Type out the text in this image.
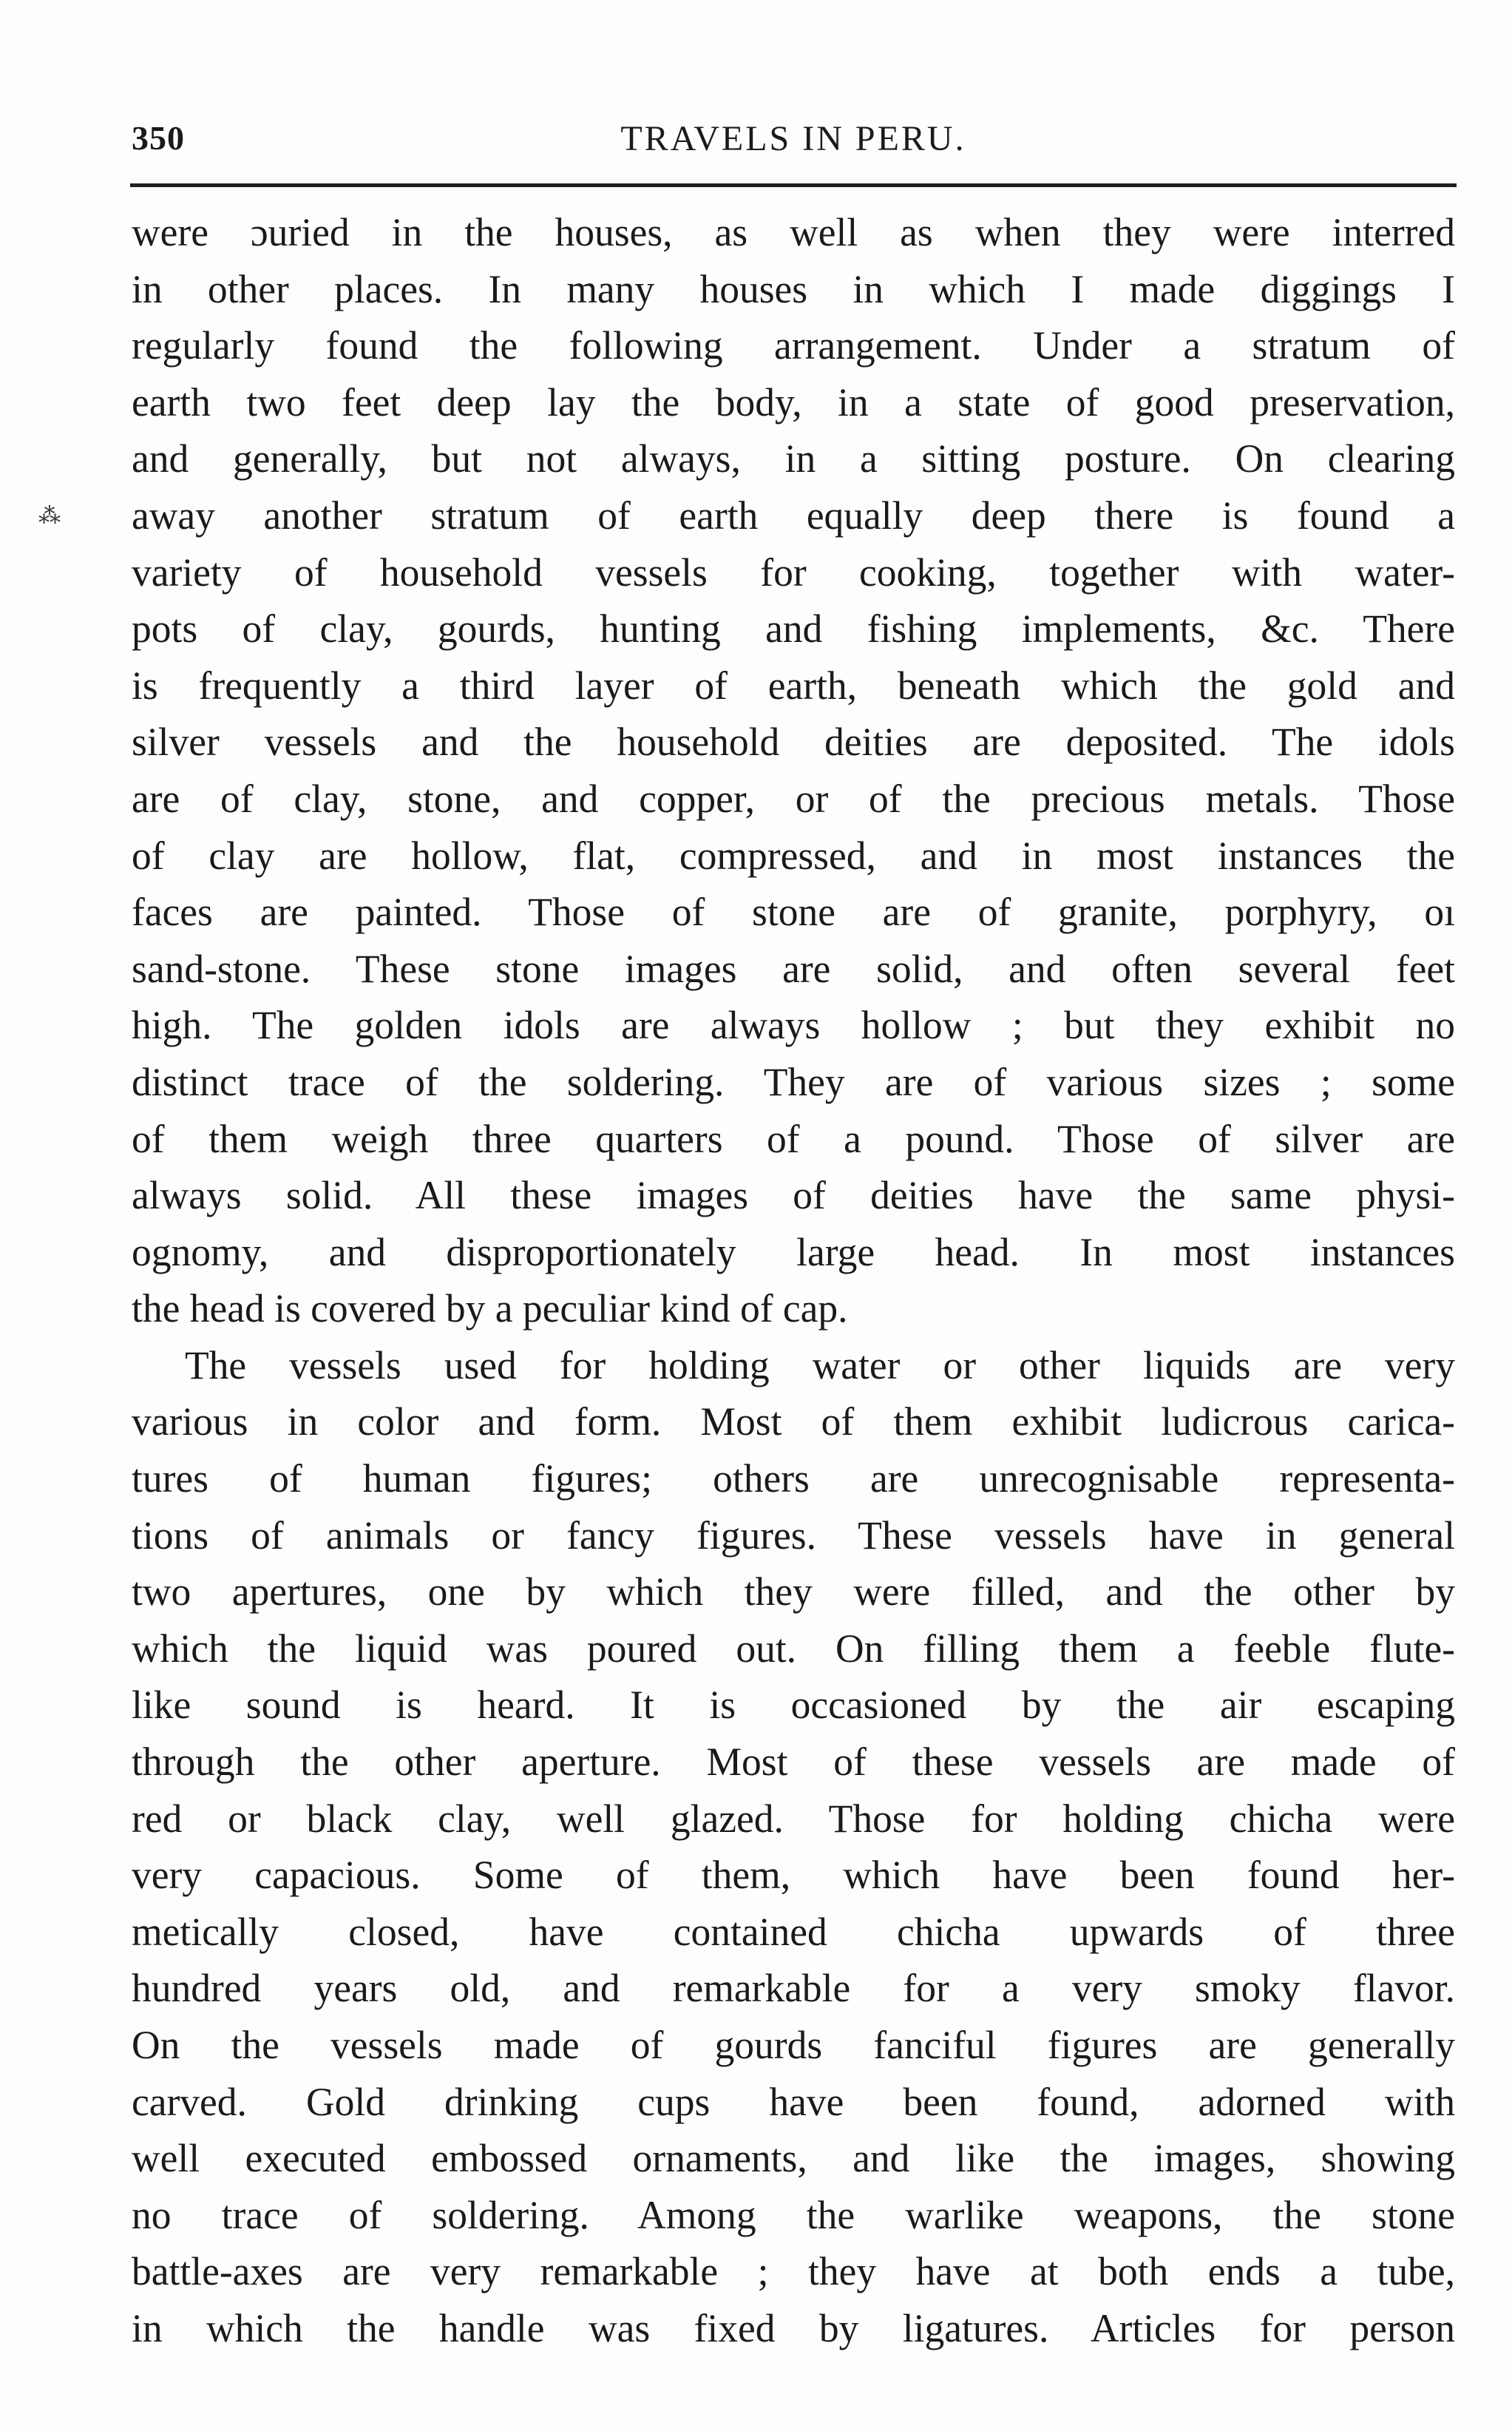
350	TRAVELS IN PERU.
⁂

were ɔuried in the houses, as well as when they were interred
in other places. In many houses in which I made diggings I
regularly found the following arrangement. Under a stratum of
earth two feet deep lay the body, in a state of good preservation,
and generally, but not always, in a sitting posture. On clearing
away another stratum of earth equally deep there is found a
variety of household vessels for cooking, together with water-
pots of clay, gourds, hunting and fishing implements, &c. There
is frequently a third layer of earth, beneath which the gold and
silver vessels and the household deities are deposited. The idols
are of clay, stone, and copper, or of the precious metals. Those
of clay are hollow, flat, compressed, and in most instances the
faces are painted. Those of stone are of granite, porphyry, oı
sand-stone. These stone images are solid, and often several feet
high. The golden idols are always hollow ; but they exhibit no
distinct trace of the soldering. They are of various sizes ; some
of them weigh three quarters of a pound. Those of silver are
always solid. All these images of deities have the same physi-
ognomy, and disproportionately large head. In most instances
the head is covered by a peculiar kind of cap.

The vessels used for holding water or other liquids are very
various in color and form. Most of them exhibit ludicrous carica-
tures of human figures; others are unrecognisable representa-
tions of animals or fancy figures. These vessels have in general
two apertures, one by which they were filled, and the other by
which the liquid was poured out. On filling them a feeble flute-
like sound is heard. It is occasioned by the air escaping
through the other aperture. Most of these vessels are made of
red or black clay, well glazed. Those for holding chicha were
very capacious. Some of them, which have been found her-
metically closed, have contained chicha upwards of three
hundred years old, and remarkable for a very smoky flavor.
On the vessels made of gourds fanciful figures are generally
carved. Gold drinking cups have been found, adorned with
well executed embossed ornaments, and like the images, showing
no trace of soldering. Among the warlike weapons, the stone
battle-axes are very remarkable ; they have at both ends a tube,
in which the handle was fixed by ligatures. Articles for person
